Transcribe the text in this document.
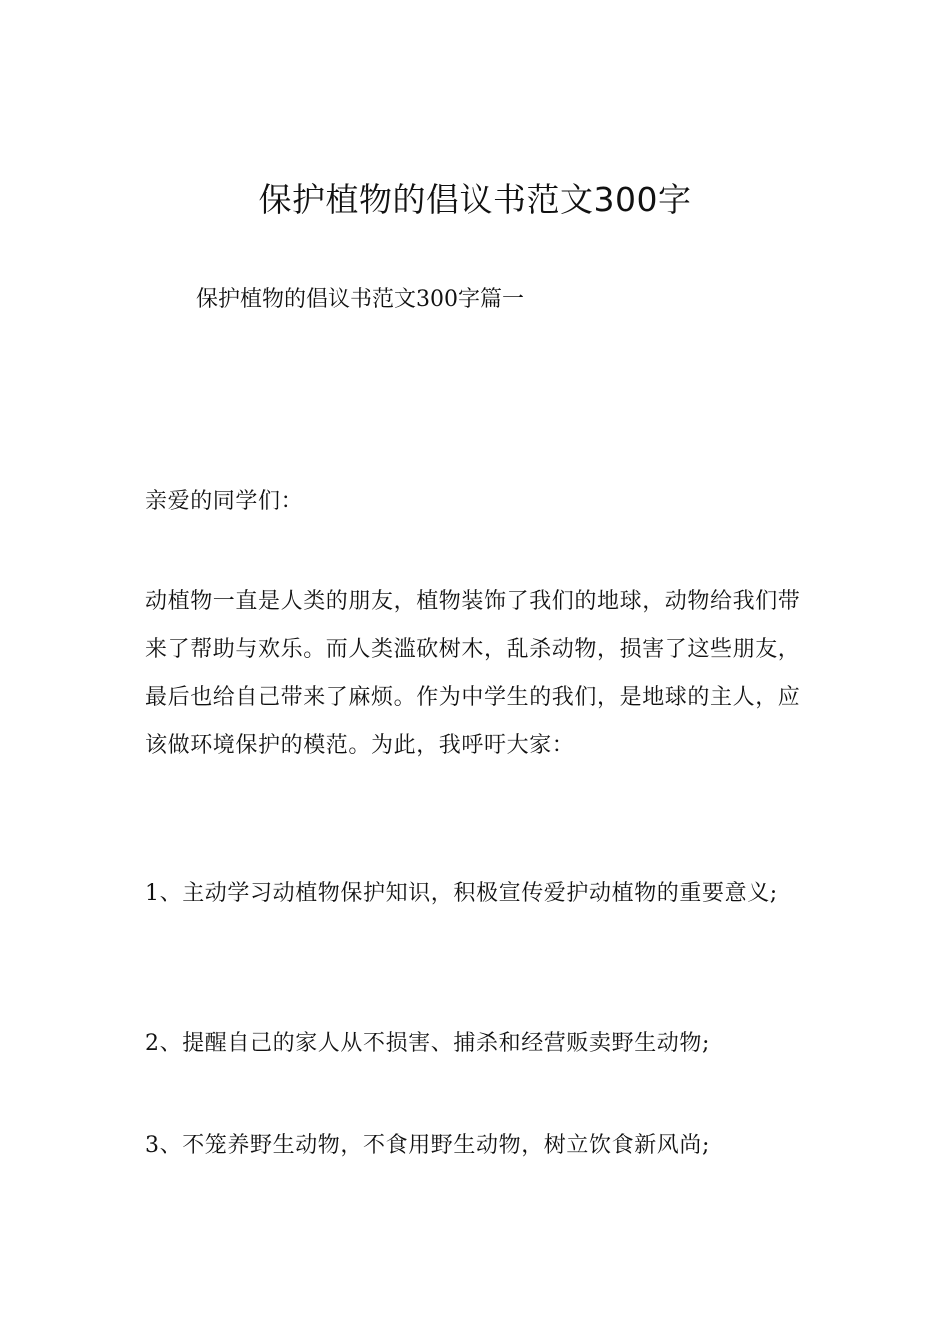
保护植物的倡议书范文300字

保护植物的倡议书范文300字篇一

亲爱的同学们：

动植物一直是人类的朋友，植物装饰了我们的地球，动物给我们带来了帮助与欢乐。而人类滥砍树木，乱杀动物，损害了这些朋友，最后也给自己带来了麻烦。作为中学生的我们，是地球的主人，应该做环境保护的模范。为此，我呼吁大家：

1、主动学习动植物保护知识，积极宣传爱护动植物的重要意义;

2、提醒自己的家人从不损害、捕杀和经营贩卖野生动物;

3、不笼养野生动物，不食用野生动物，树立饮食新风尚;
